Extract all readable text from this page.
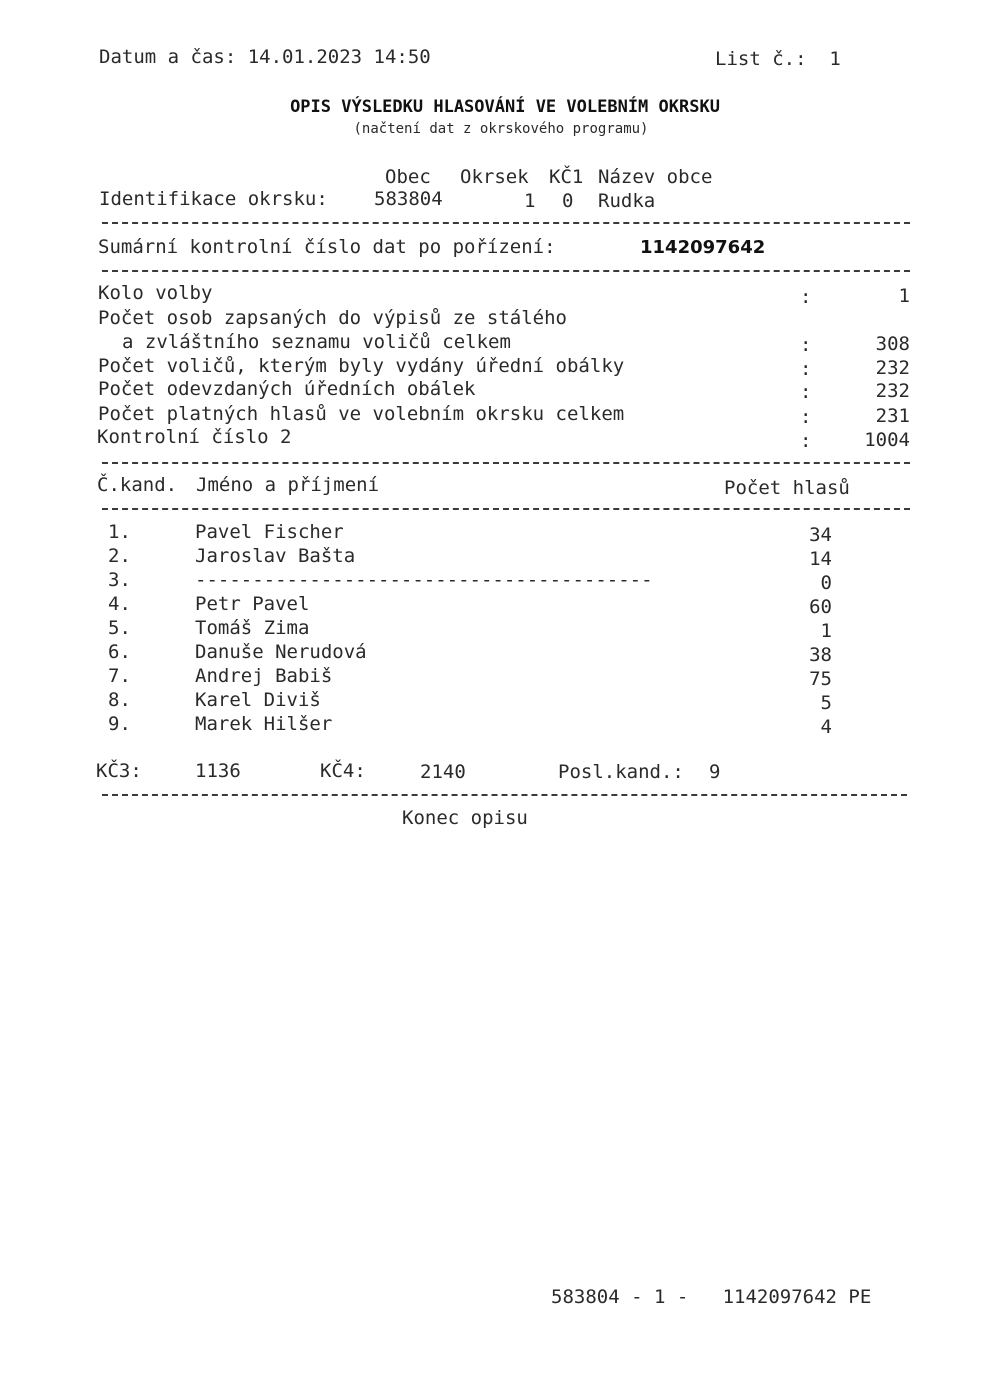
Datum a čas: 14.01.2023 14:50	List č.:  1
OPIS VÝSLEDKU HLASOVÁNÍ VE VOLEBNÍM OKRSKU
(načtení dat z okrskového programu)
Obec Okrsek KČ1 Název obce
Identifikace okrsku: 583804	1 0 Rudka
Sumární kontrolní číslo dat po pořízení:	1142097642
Kolo volby	:	1
Počet osob zapsaných do výpisů ze stálého
a zvláštního seznamu voličů celkem	:	308
Počet voličů, kterým byly vydány úřední obálky	:	232
Počet odevzdaných úředních obálek	:	232
Počet platných hlasů ve volebním okrsku celkem	:	231
Kontrolní číslo 2	:	1004
Č.kand. Jméno a příjmení	Počet hlasů
1.	Pavel Fischer	34
2.	Jaroslav Bašta	14
3.	----------------------------------------	0
4.	Petr Pavel	60
5.	Tomáš Zima	1
6.	Danuše Nerudová	38
7.	Andrej Babiš	75
8.	Karel Diviš	5
9.	Marek Hilšer	4
KČ3:	1136	KČ4:	2140	Posl.kand.: 9
Konec opisu
583804 - 1 -   1142097642 PE
